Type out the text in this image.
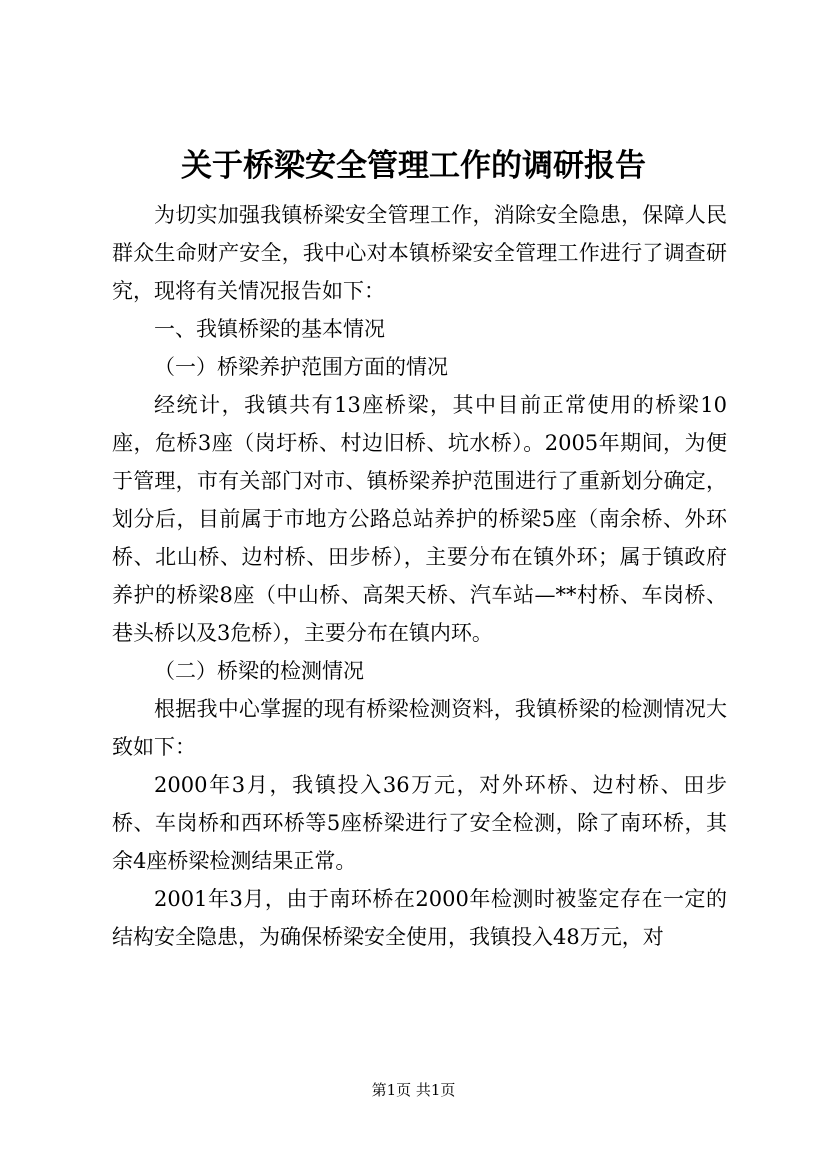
关于桥梁安全管理工作的调研报告

为切实加强我镇桥梁安全管理工作，消除安全隐患，保障人民群众生命财产安全，我中心对本镇桥梁安全管理工作进行了调查研究，现将有关情况报告如下：

一、我镇桥梁的基本情况

（一）桥梁养护范围方面的情况

经统计，我镇共有13座桥梁，其中目前正常使用的桥梁10座，危桥3座（岗圩桥、村边旧桥、坑水桥）。2005年期间，为便于管理，市有关部门对市、镇桥梁养护范围进行了重新划分确定，划分后，目前属于市地方公路总站养护的桥梁5座（南余桥、外环桥、北山桥、边村桥、田步桥），主要分布在镇外环；属于镇政府养护的桥梁8座（中山桥、高架天桥、汽车站—**村桥、车岗桥、巷头桥以及3危桥），主要分布在镇内环。

（二）桥梁的检测情况

根据我中心掌握的现有桥梁检测资料，我镇桥梁的检测情况大致如下：

2000年3月，我镇投入36万元，对外环桥、边村桥、田步桥、车岗桥和西环桥等5座桥梁进行了安全检测，除了南环桥，其余4座桥梁检测结果正常。

2001年3月，由于南环桥在2000年检测时被鉴定存在一定的结构安全隐患，为确保桥梁安全使用，我镇投入48万元，对

第1页 共1页
